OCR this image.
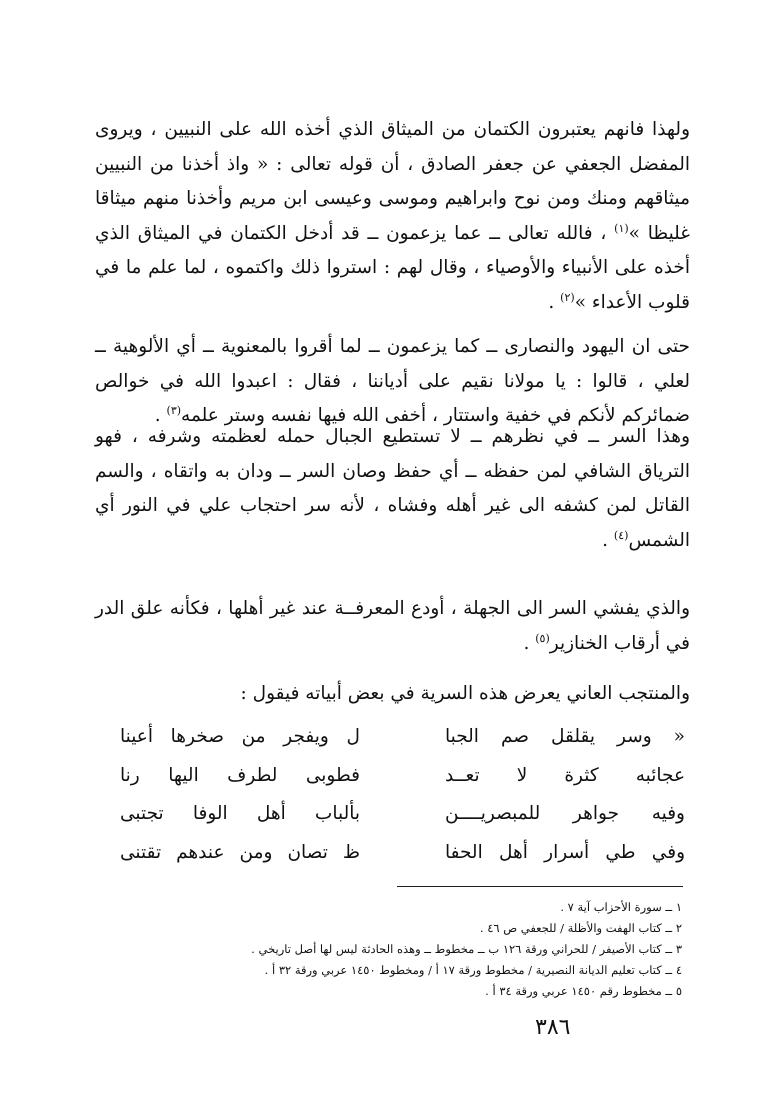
ولهذا فانهم يعتبرون الكتمان من الميثاق الذي أخذه الله على النبيين ، ويروى المفضل الجعفي عن جعفر الصادق ، أن قوله تعالى : « واذ أخذنا من النبيين ميثاقهم ومنك ومن نوح وابراهيم وموسى وعيسى ابن مريم وأخذنا منهم ميثاقا غليظا »$^{(١)}$ ، فالله تعالى ــ عما يزعمون ــ قد أدخل الكتمان في الميثاق الذي أخذه على الأنبياء والأوصياء ، وقال لهم : استروا ذلك واكتموه ، لما علم ما في قلوب الأعداء »$^{(٢)}$ .

حتى ان اليهود والنصارى ــ كما يزعمون ــ لما أقروا بالمعنوية ــ أي الألوهية ــ لعلي ، قالوا : يا مولانا نقيم على أدياننا ، فقال : اعبدوا الله في خوالص ضمائركم لأنكم في خفية واستتار ، أخفى الله فيها نفسه وستر علمه$^{(٣)}$ .

وهذا السر ــ في نظرهم ــ لا تستطيع الجبال حمله لعظمته وشرفه ، فهو الترياق الشافي لمن حفظه ــ أي حفظ وصان السر ــ ودان به واتقاه ، والسم القاتل لمن كشفه الى غير أهله وفشاه ، لأنه سر احتجاب علي في النور أي الشمس$^{(٤)}$ .

والذي يفشي السر الى الجهلة ، أودع المعرفــة عند غير أهلها ، فكأنه علق الدر في أرقاب الخنازير$^{(٥)}$ .

والمنتجب العاني يعرض هذه السرية في بعض أبياته فيقول :

« وسر يقلقل صم الجبا
ل ويفجر من صخرها أعينا
عجائبه كثرة لا تعــد
فطوبى لطرف اليها رنا
وفيه جواهر للمبصريــــن
بألباب أهل الوفا تجتبى
وفي طي أسرار أهل الحفا
ظ تصان ومن عندهم تقتنى
١ ــ سورة الأحزاب آية ٧ .
٢ ــ كتاب الهفت والأظلة / للجعفي ص ٤٦ .
٣ ــ كتاب الأصيفر / للحراني ورقة ١٢٦ ب ــ مخطوط ــ وهذه الحادثة ليس لها أصل تاريخي .
٤ ــ كتاب تعليم الديانة النصيرية / مخطوط ورقة ١٧ أ / ومخطوط ١٤٥٠ عربي ورقة ٣٢ أ .
٥ ــ مخطوط رقم ١٤٥٠ عربي ورقة ٣٤ أ .
٣٨٦
